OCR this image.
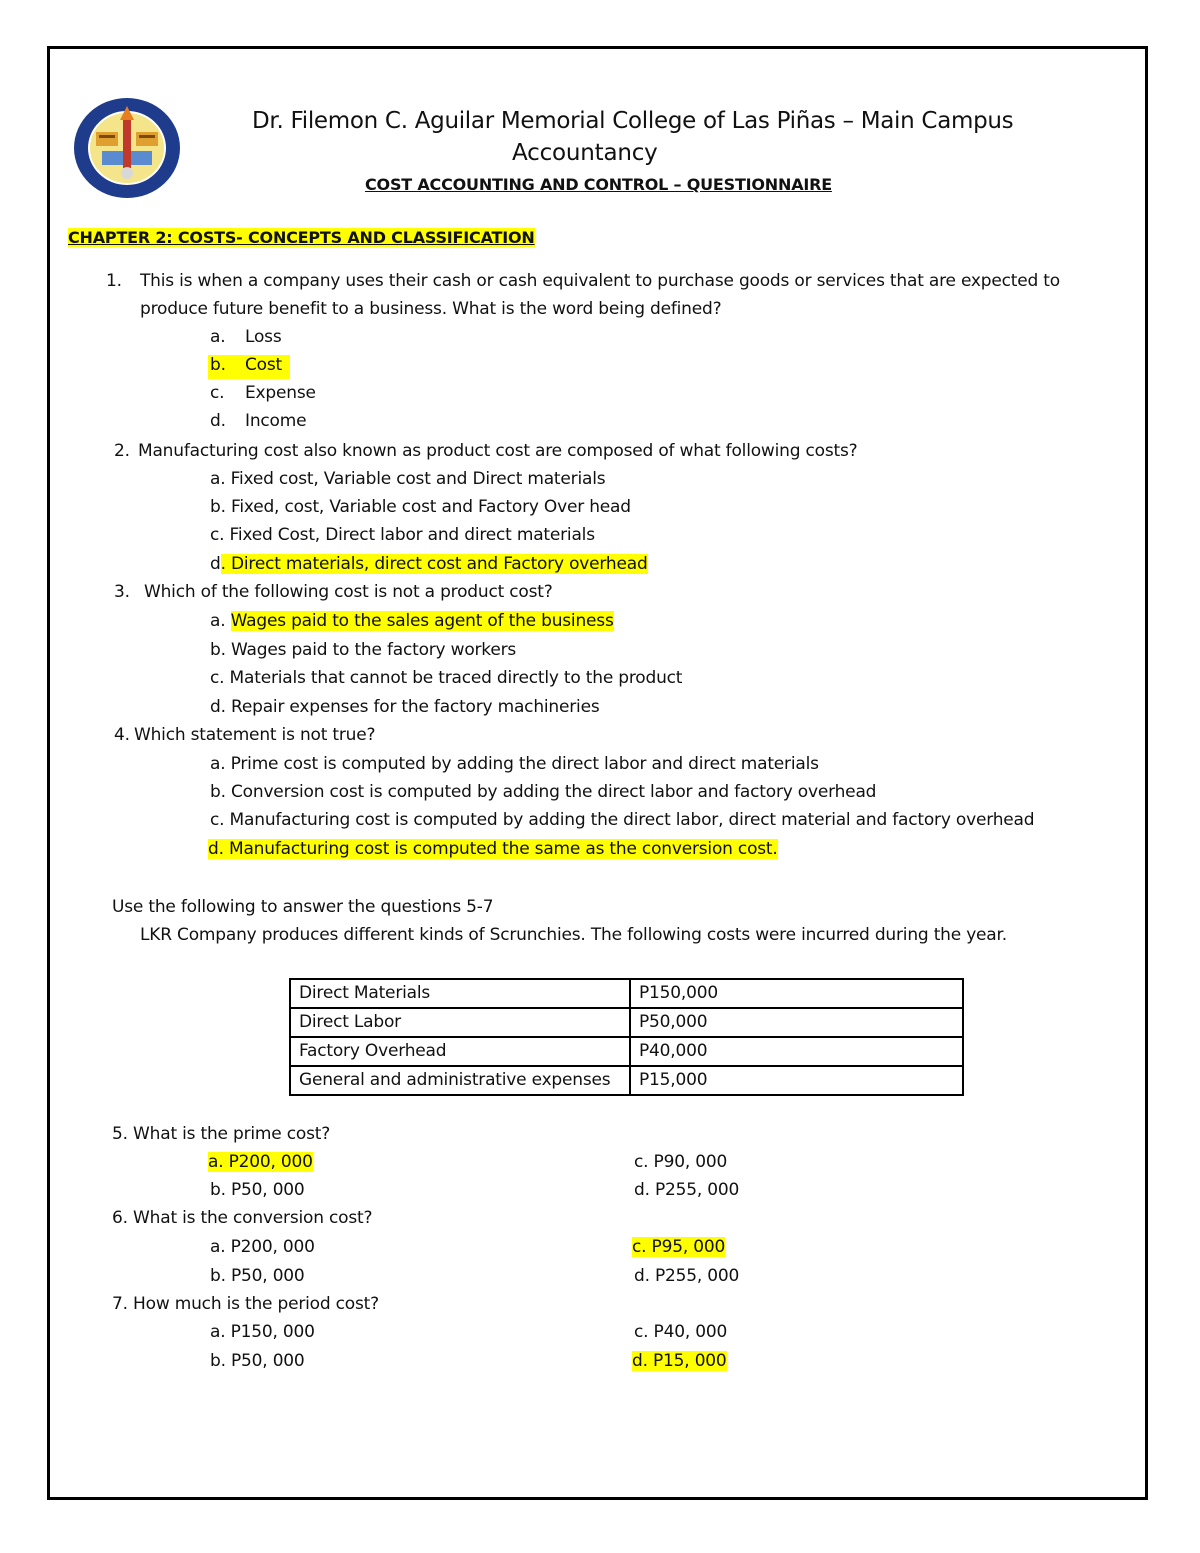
Dr. Filemon C. Aguilar Memorial College of Las Piñas – Main Campus
Accountancy
COST ACCOUNTING AND CONTROL – QUESTIONNAIRE
CHAPTER 2: COSTS- CONCEPTS AND CLASSIFICATION
1. This is when a company uses their cash or cash equivalent to purchase goods or services that are expected to
produce future benefit to a business. What is the word being defined?
a. Loss
b. Cost
c. Expense
d. Income
2. Manufacturing cost also known as product cost are composed of what following costs?
a. Fixed cost, Variable cost and Direct materials
b. Fixed, cost, Variable cost and Factory Over head
c. Fixed Cost, Direct labor and direct materials
d. Direct materials, direct cost and Factory overhead
3. Which of the following cost is not a product cost?
a. Wages paid to the sales agent of the business
b. Wages paid to the factory workers
c. Materials that cannot be traced directly to the product
d. Repair expenses for the factory machineries
4. Which statement is not true?
a. Prime cost is computed by adding the direct labor and direct materials
b. Conversion cost is computed by adding the direct labor and factory overhead
c. Manufacturing cost is computed by adding the direct labor, direct material and factory overhead
d. Manufacturing cost is computed the same as the conversion cost.
Use the following to answer the questions 5-7
LKR Company produces different kinds of Scrunchies. The following costs were incurred during the year.
Direct Materials	P150,000
Direct Labor	P50,000
Factory Overhead	P40,000
General and administrative expenses	P15,000
5. What is the prime cost?
a. P200, 000	c. P90, 000
b. P50, 000	d. P255, 000
6. What is the conversion cost?
a. P200, 000	c. P95, 000
b. P50, 000	d. P255, 000
7. How much is the period cost?
a. P150, 000	c. P40, 000
b. P50, 000	d. P15, 000
